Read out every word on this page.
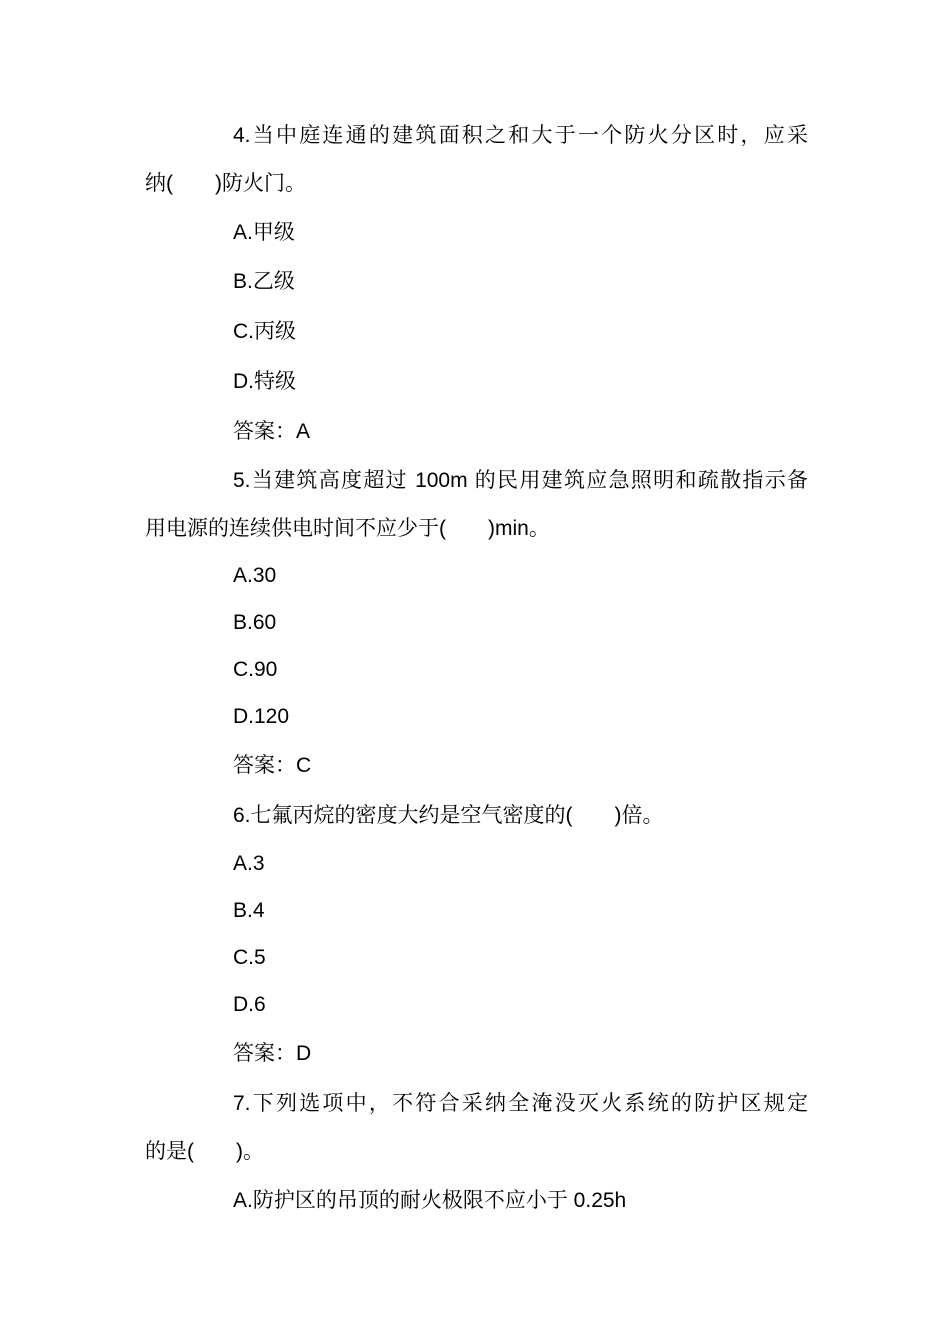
4.当中庭连通的建筑面积之和大于一个防火分区时，应采
纳(　　)防火门。
A.甲级
B.乙级
C.丙级
D.特级
答案：A
5.当建筑高度超过 100m 的民用建筑应急照明和疏散指示备
用电源的连续供电时间不应少于(　　)min。
A.30
B.60
C.90
D.120
答案：C
6.七氟丙烷的密度大约是空气密度的(　　)倍。
A.3
B.4
C.5
D.6
答案：D
7.下列选项中，不符合采纳全淹没灭火系统的防护区规定
的是(　　)。
A.防护区的吊顶的耐火极限不应小于 0.25h
